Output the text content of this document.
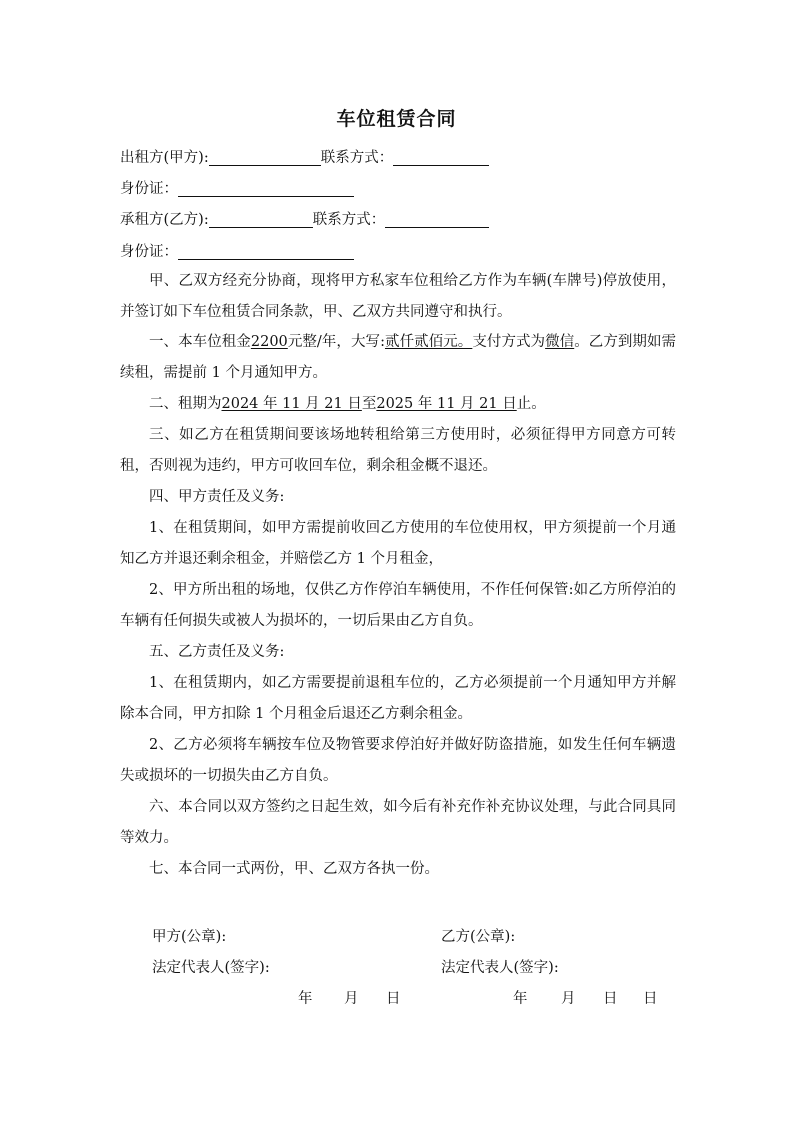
车位租赁合同
出租方(甲方):	联系方式：
身份证：
承租方(乙方):	联系方式：
身份证：
甲、乙双方经充分协商，现将甲方私家车位租给乙方作为车辆(车牌号)停放使用，并签订如下车位租赁合同条款，甲、乙双方共同遵守和执行。
一、本车位租金2200元整/年，大写:贰仟贰佰元。支付方式为微信。乙方到期如需续租，需提前 1 个月通知甲方。
二、租期为2024 年 11 月 21 日至2025 年 11 月 21 日止。
三、如乙方在租赁期间要该场地转租给第三方使用时，必须征得甲方同意方可转租，否则视为违约，甲方可收回车位，剩余租金概不退还。
四、甲方责任及义务:
1、在租赁期间，如甲方需提前收回乙方使用的车位使用权，甲方须提前一个月通知乙方并退还剩余租金，并赔偿乙方 1 个月租金，
2、甲方所出租的场地，仅供乙方作停泊车辆使用，不作任何保管:如乙方所停泊的车辆有任何损失或被人为损坏的，一切后果由乙方自负。
五、乙方责任及义务:
1、在租赁期内，如乙方需要提前退租车位的，乙方必须提前一个月通知甲方并解除本合同，甲方扣除 1 个月租金后退还乙方剩余租金。
2、乙方必须将车辆按车位及物管要求停泊好并做好防盗措施，如发生任何车辆遗失或损坏的一切损失由乙方自负。
六、本合同以双方签约之日起生效，如今后有补充作补充协议处理，与此合同具同等效力。
七、本合同一式两份，甲、乙双方各执一份。
甲方(公章):	乙方(公章):
法定代表人(签字):	法定代表人(签字):
年 月 日	年 月 日 日
